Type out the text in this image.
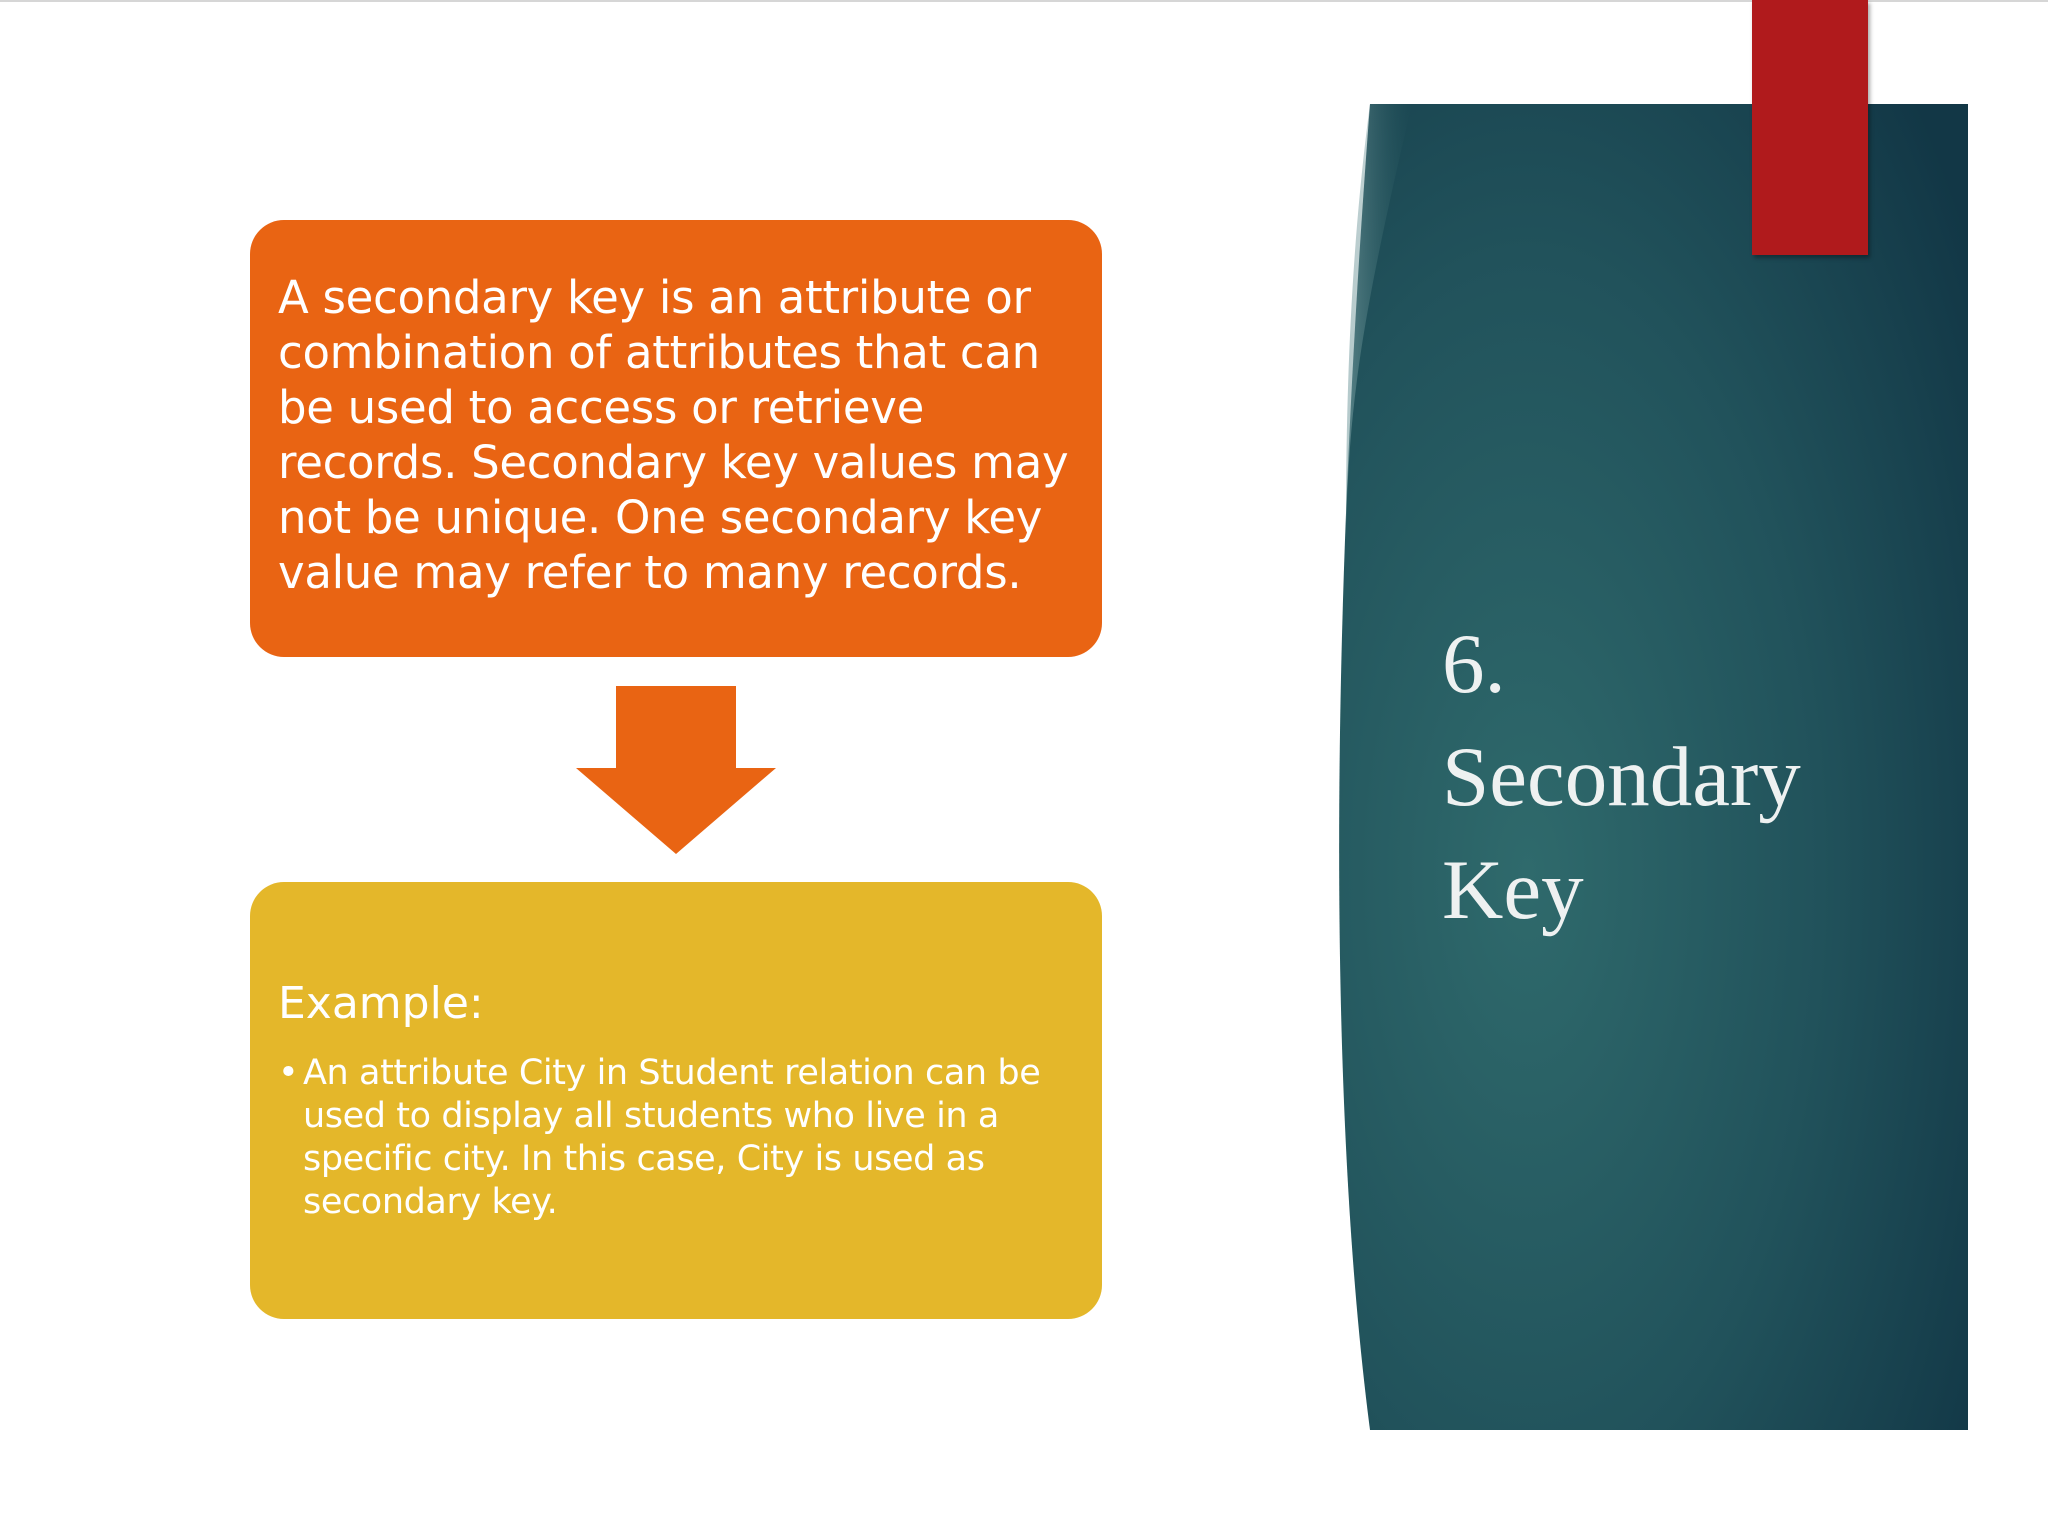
6. Secondary Key

A secondary key is an attribute or combination of attributes that can be used to access or retrieve records. Secondary key values may not be unique. One secondary key value may refer to many records.

Example:
• An attribute City in Student relation can be used to display all students who live in a specific city. In this case, City is used as secondary key.
